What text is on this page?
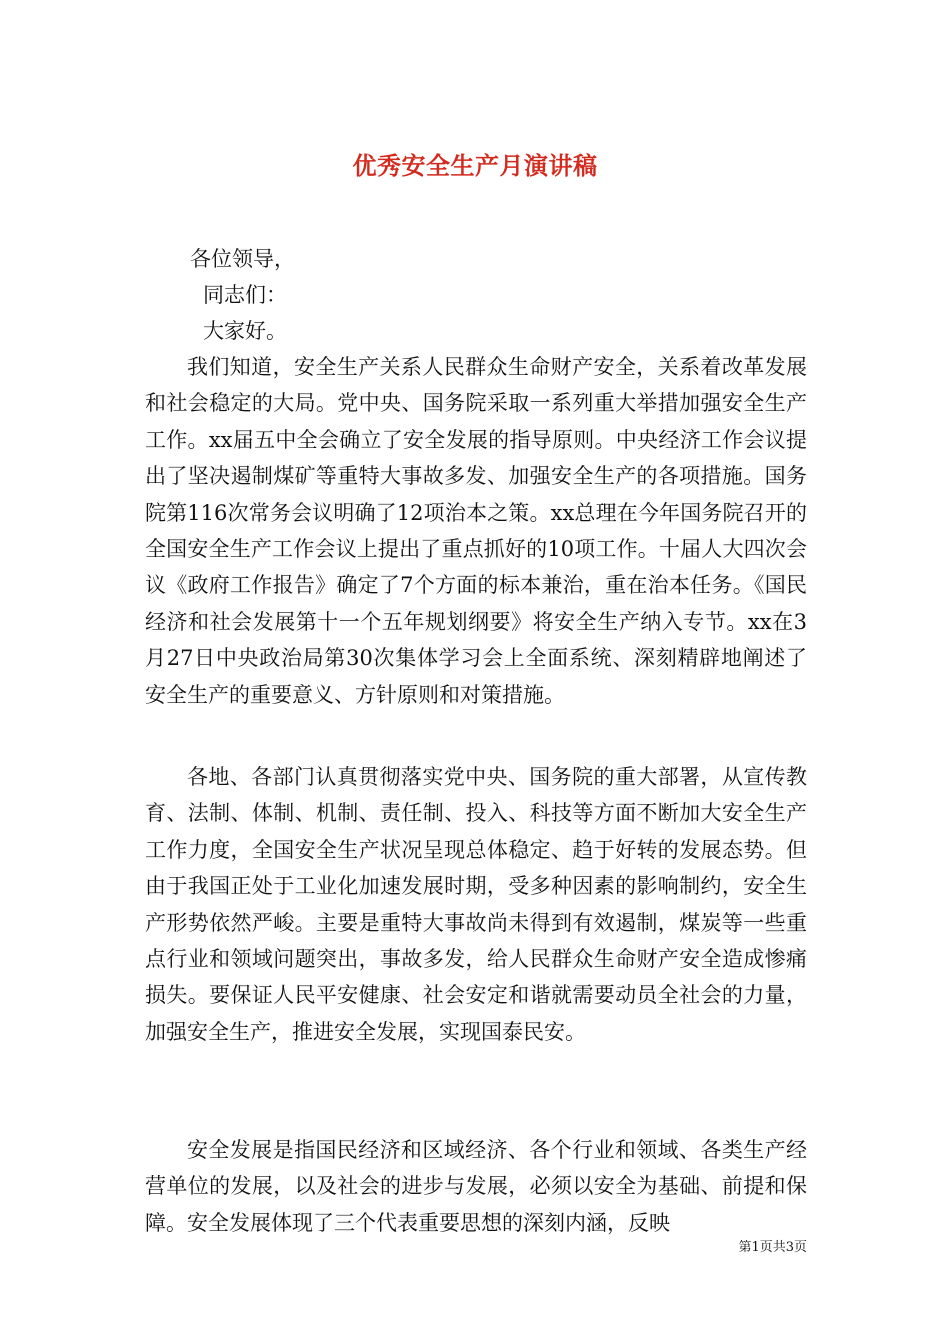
优秀安全生产月演讲稿
各位领导，
同志们：
大家好。

我们知道，安全生产关系人民群众生命财产安全，关系着改革发展和社会稳定的大局。党中央、国务院采取一系列重大举措加强安全生产工作。xx届五中全会确立了安全发展的指导原则。中央经济工作会议提出了坚决遏制煤矿等重特大事故多发、加强安全生产的各项措施。国务院第116次常务会议明确了12项治本之策。xx总理在今年国务院召开的全国安全生产工作会议上提出了重点抓好的10项工作。十届人大四次会议《政府工作报告》确定了7个方面的标本兼治，重在治本任务。《国民经济和社会发展第十一个五年规划纲要》将安全生产纳入专节。xx在3月27日中央政治局第30次集体学习会上全面系统、深刻精辟地阐述了安全生产的重要意义、方针原则和对策措施。

各地、各部门认真贯彻落实党中央、国务院的重大部署，从宣传教育、法制、体制、机制、责任制、投入、科技等方面不断加大安全生产工作力度，全国安全生产状况呈现总体稳定、趋于好转的发展态势。但由于我国正处于工业化加速发展时期，受多种因素的影响制约，安全生产形势依然严峻。主要是重特大事故尚未得到有效遏制，煤炭等一些重点行业和领域问题突出，事故多发，给人民群众生命财产安全造成惨痛损失。要保证人民平安健康、社会安定和谐就需要动员全社会的力量，加强安全生产，推进安全发展，实现国泰民安。

安全发展是指国民经济和区域经济、各个行业和领域、各类生产经营单位的发展，以及社会的进步与发展，必须以安全为基础、前提和保障。安全发展体现了三个代表重要思想的深刻内涵，反映

第1页共3页
